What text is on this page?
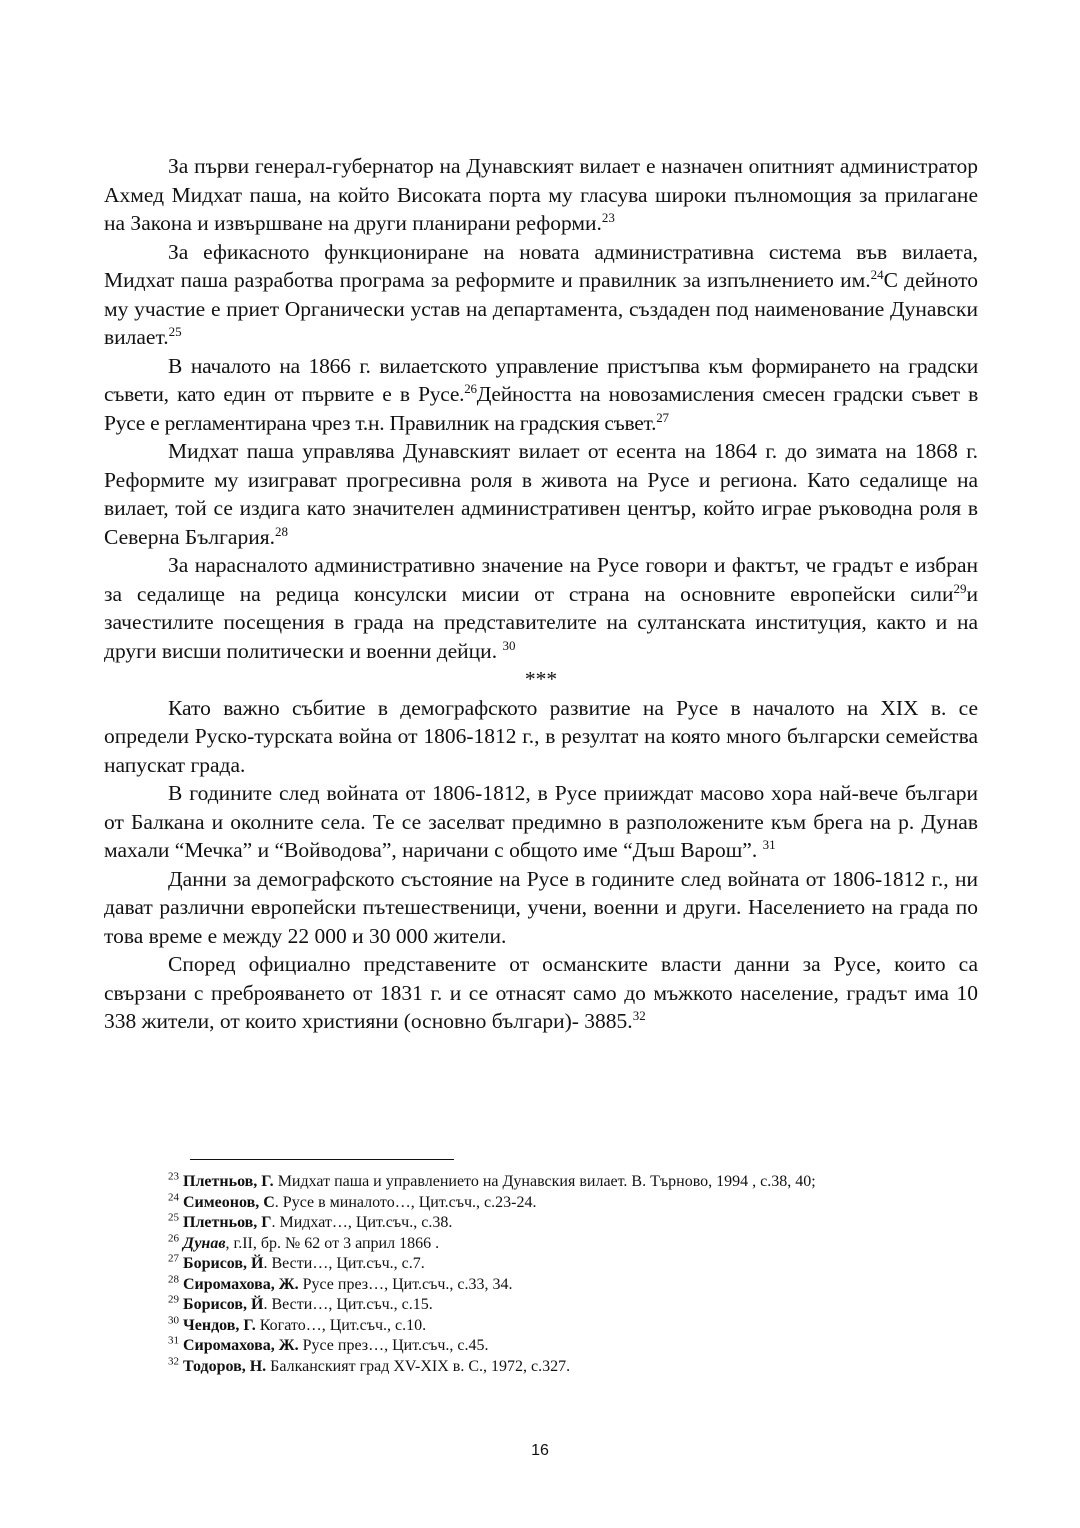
За първи генерал-губернатор на Дунавският вилает е назначен опитният администратор Ахмед Мидхат паша, на който Високата порта му гласува широки пълномощия за прилагане на Закона и извършване на други планирани реформи.$^{23}$

За ефикасното функциониране на новата административна система във вилаета, Мидхат паша разработва програма за реформите и правилник за изпълнението им.$^{24}$С дейното му участие е приет Органически устав на департамента, създаден под наименование Дунавски вилает.$^{25}$

В началото на 1866 г. вилаетското управление пристъпва към формирането на градски съвети, като един от първите е в Русе.$^{26}$Дейността на новозамисления смесен градски съвет в Русе е регламентирана чрез т.н. Правилник на градския съвет.$^{27}$

Мидхат паша управлява Дунавският вилает от есента на 1864 г. до зимата на 1868 г. Реформите му изиграват прогресивна роля в живота на Русе и региона. Като седалище на вилает, той се издига като значителен административен център, който играе ръководна роля в Северна България.$^{28}$

За нарасналото административно значение на Русе говори и фактът, че градът е избран за седалище на редица консулски мисии от страна на основните европейски сили$^{29}$и зачестилите посещения в града на представителите на султанската институция, както и на други висши политически и военни дейци. $^{30}$

***

Като важно събитие в демографското развитие на Русе в началото на XIX в. се определи Руско-турската война от 1806-1812 г., в резултат на която много български семейства напускат града.

В годините след войната от 1806-1812, в Русе прииждат масово хора най-вече българи от Балкана и околните села. Те се заселват предимно в разположените към брега на р. Дунав махали “Мечка” и “Войводова”, наричани с общото име “Дъш Варош”. $^{31}$

Данни за демографското състояние на Русе в годините след войната от 1806-1812 г., ни дават различни европейски пътешественици, учени, военни и други. Населението на града по това време е между 22 000 и 30 000 жители.

Според официално представените от османските власти данни за Русе, които са свързани с преброяването от 1831 г. и се отнасят само до мъжкото население, градът има 10 338 жители, от които християни (основно българи)- 3885.32

$^{23}$ Плетньов, Г. Мидхат паша и управлението на Дунавския вилает. В. Търново, 1994 , с.38, 40;

$^{24}$ Симеонов, С. Русе в миналото…, Цит.съч., с.23-24.

$^{25}$ Плетньов, Г. Мидхат…, Цит.съч., с.38.

$^{26}$ Дунав, г.II, бр. № 62 от 3 април 1866 .

$^{27}$ Борисов, Й. Вести…, Цит.съч., с.7.

$^{28}$ Сиромахова, Ж. Русе през…, Цит.съч., с.33, 34.

$^{29}$ Борисов, Й. Вести…, Цит.съч., с.15.

$^{30}$ Чендов, Г. Когато…, Цит.съч., с.10.

$^{31}$ Сиромахова, Ж. Русе през…, Цит.съч., с.45.

$^{32}$ Тодоров, Н. Балканският град XV-XIX в. С., 1972, с.327.

16
